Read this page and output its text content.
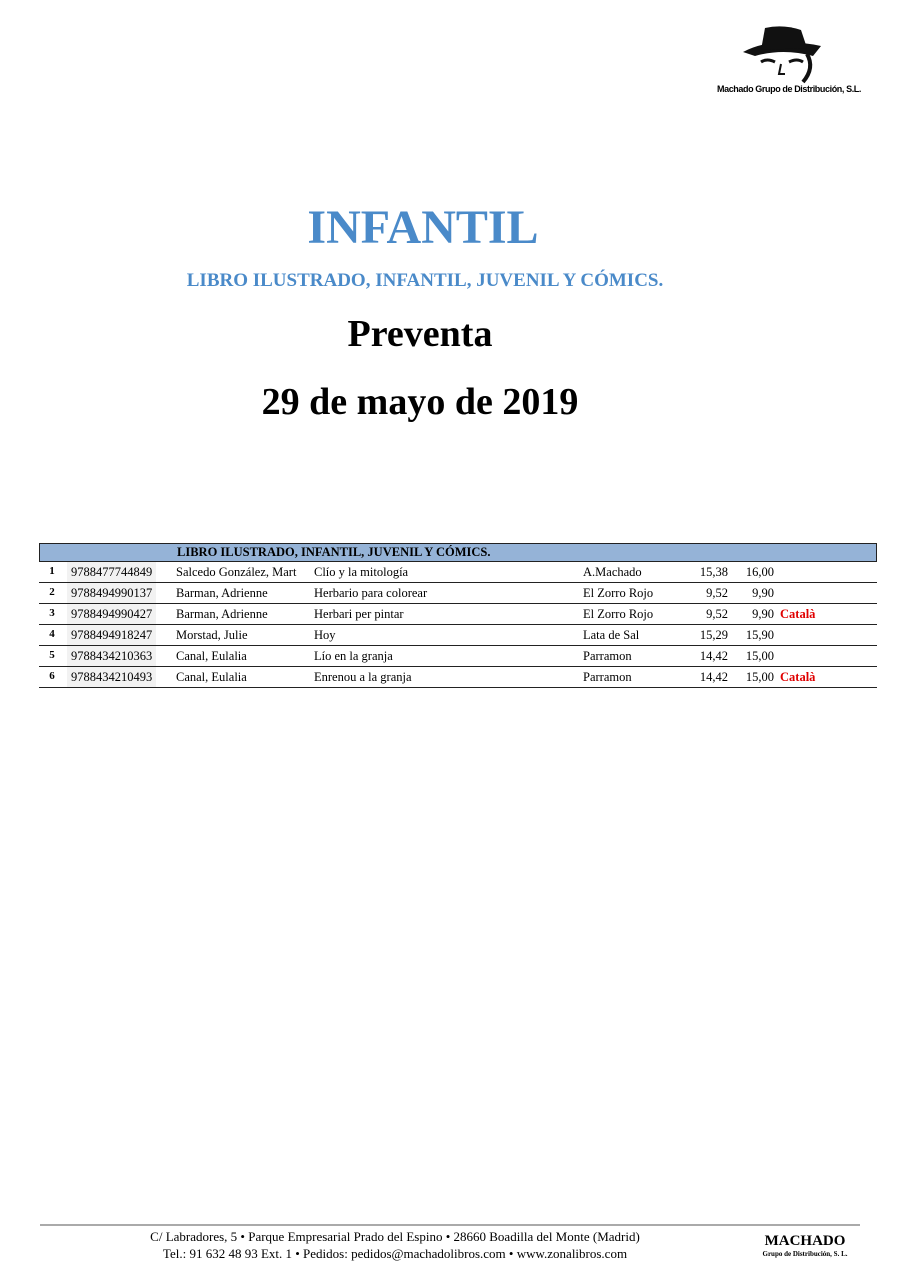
Machado Grupo de Distribución, S.L.
INFANTIL
LIBRO ILUSTRADO, INFANTIL, JUVENIL Y CÓMICS.
Preventa
29 de mayo de 2019
LIBRO ILUSTRADO, INFANTIL, JUVENIL Y CÓMICS.
1	9788477744849	Salcedo González, Mart	Clío y la mitología	A.Machado	15,38	16,00
2	9788494990137	Barman, Adrienne	Herbario para colorear	El Zorro Rojo	9,52	9,90
3	9788494990427	Barman, Adrienne	Herbari per pintar	El Zorro Rojo	9,52	9,90 Català
4	9788494918247	Morstad, Julie	Hoy	Lata de Sal	15,29	15,90
5	9788434210363	Canal, Eulalia	Lío en la granja	Parramon	14,42	15,00
6	9788434210493	Canal, Eulalia	Enrenou a la granja	Parramon	14,42	15,00 Català
C/ Labradores, 5 • Parque Empresarial Prado del Espino • 28660 Boadilla del Monte (Madrid)
Tel.: 91 632 48 93 Ext. 1 • Pedidos: pedidos@machadolibros.com • www.zonalibros.com
MACHADO
Grupo de Distribución, S. L.
